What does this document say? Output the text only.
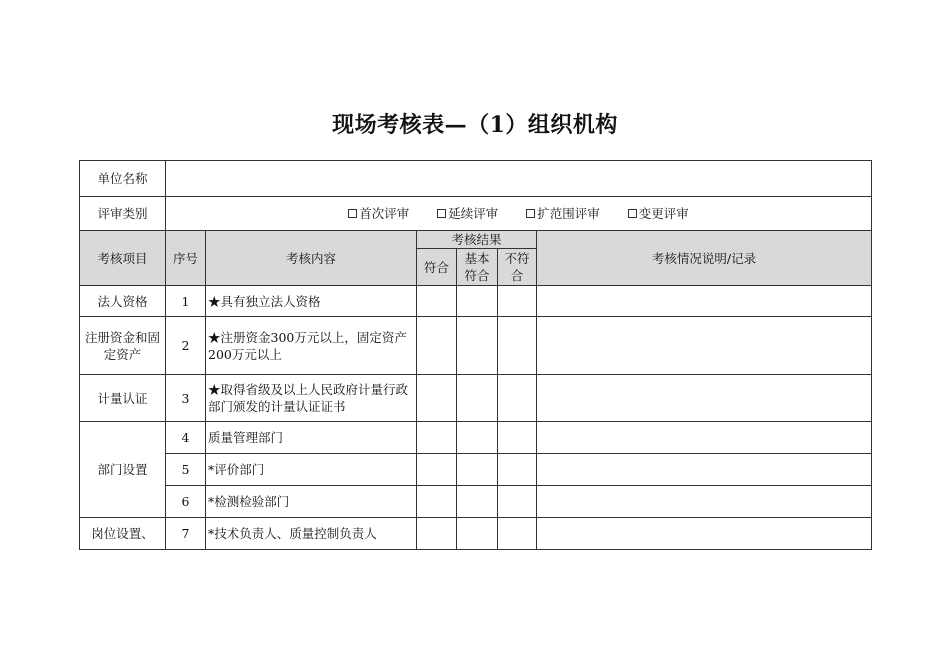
现场考核表—（1）组织机构
单位名称						
评审类别	首次评审 延续评审 扩范围评审 变更评审					

考核项目	序号	考核内容	考核结果			考核情况说明/记录
			符合	基本符合	不符合	
法人资格	1	★具有独立法人资格				
注册资金和固定资产	2	★注册资金300万元以上，固定资产200万元以上				
计量认证	3	★取得省级及以上人民政府计量行政部门颁发的计量认证证书				
部门设置	4	质量管理部门				
	5	*评价部门				
	6	*检测检验部门				
岗位设置、	7	*技术负责人、质量控制负责人				
